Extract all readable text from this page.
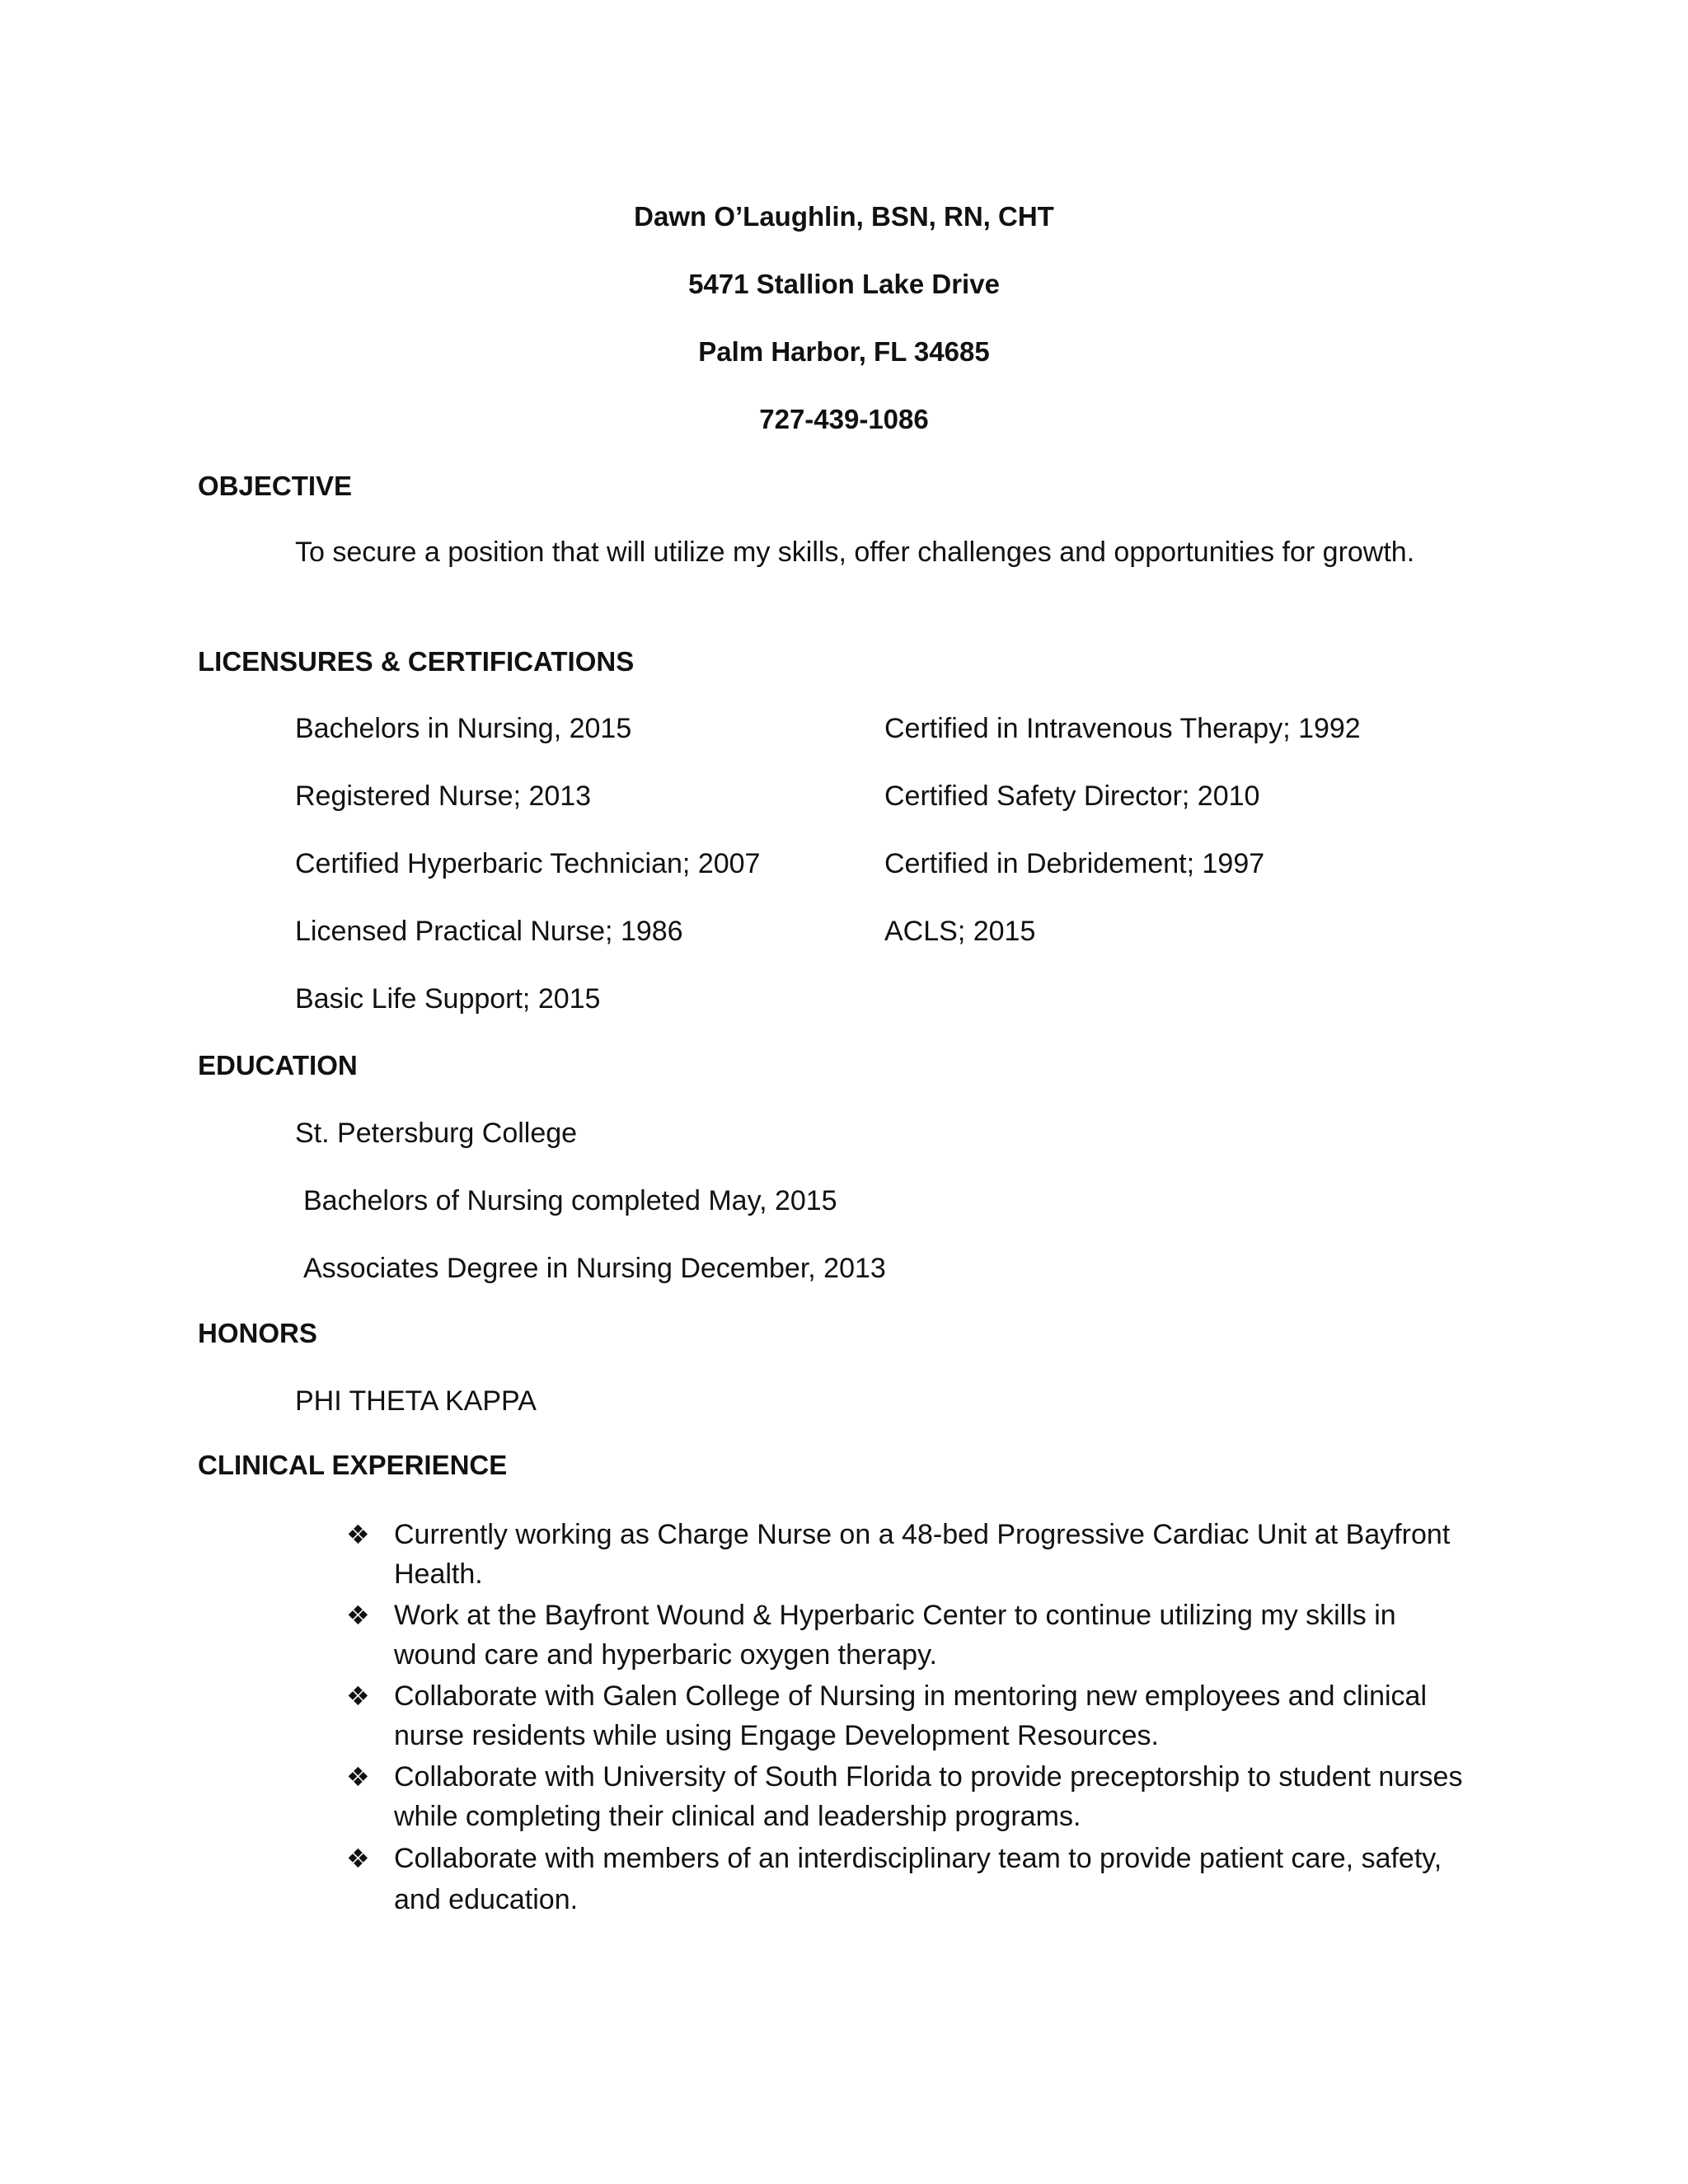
Dawn O’Laughlin, BSN, RN, CHT
5471 Stallion Lake Drive
Palm Harbor, FL 34685
727-439-1086
OBJECTIVE
To secure a position that will utilize my skills, offer challenges and opportunities for growth.
LICENSURES & CERTIFICATIONS
Bachelors in Nursing, 2015
Registered Nurse; 2013
Certified Hyperbaric Technician; 2007
Licensed Practical Nurse; 1986
Basic Life Support; 2015
Certified in Intravenous Therapy; 1992
Certified Safety Director; 2010
Certified in Debridement; 1997
ACLS; 2015
EDUCATION
St. Petersburg College
Bachelors of Nursing completed May, 2015
Associates Degree in Nursing December, 2013
HONORS
PHI THETA KAPPA
CLINICAL EXPERIENCE
❖ Currently working as Charge Nurse on a 48-bed Progressive Cardiac Unit at Bayfront Health.
❖ Work at the Bayfront Wound & Hyperbaric Center to continue utilizing my skills in wound care and hyperbaric oxygen therapy.
❖ Collaborate with Galen College of Nursing in mentoring new employees and clinical nurse residents while using Engage Development Resources.
❖ Collaborate with University of South Florida to provide preceptorship to student nurses while completing their clinical and leadership programs.
❖ Collaborate with members of an interdisciplinary team to provide patient care, safety, and education.
